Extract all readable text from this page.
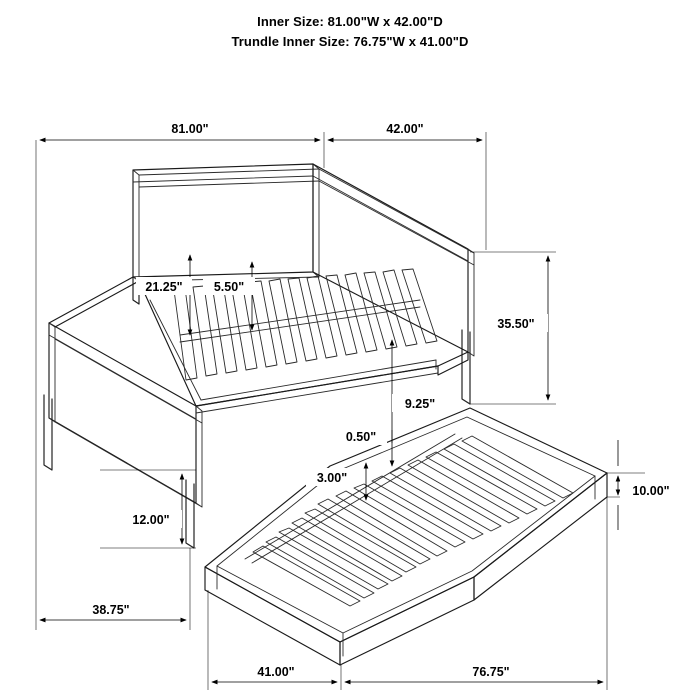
Inner Size: 81.00"W x 42.00"D
Trundle Inner Size: 76.75"W x 41.00"D
81.00"	42.00"
21.25"	5.50"
35.50"
9.25"
0.50"
3.00"
10.00"
12.00"
38.75"
41.00"	76.75"
